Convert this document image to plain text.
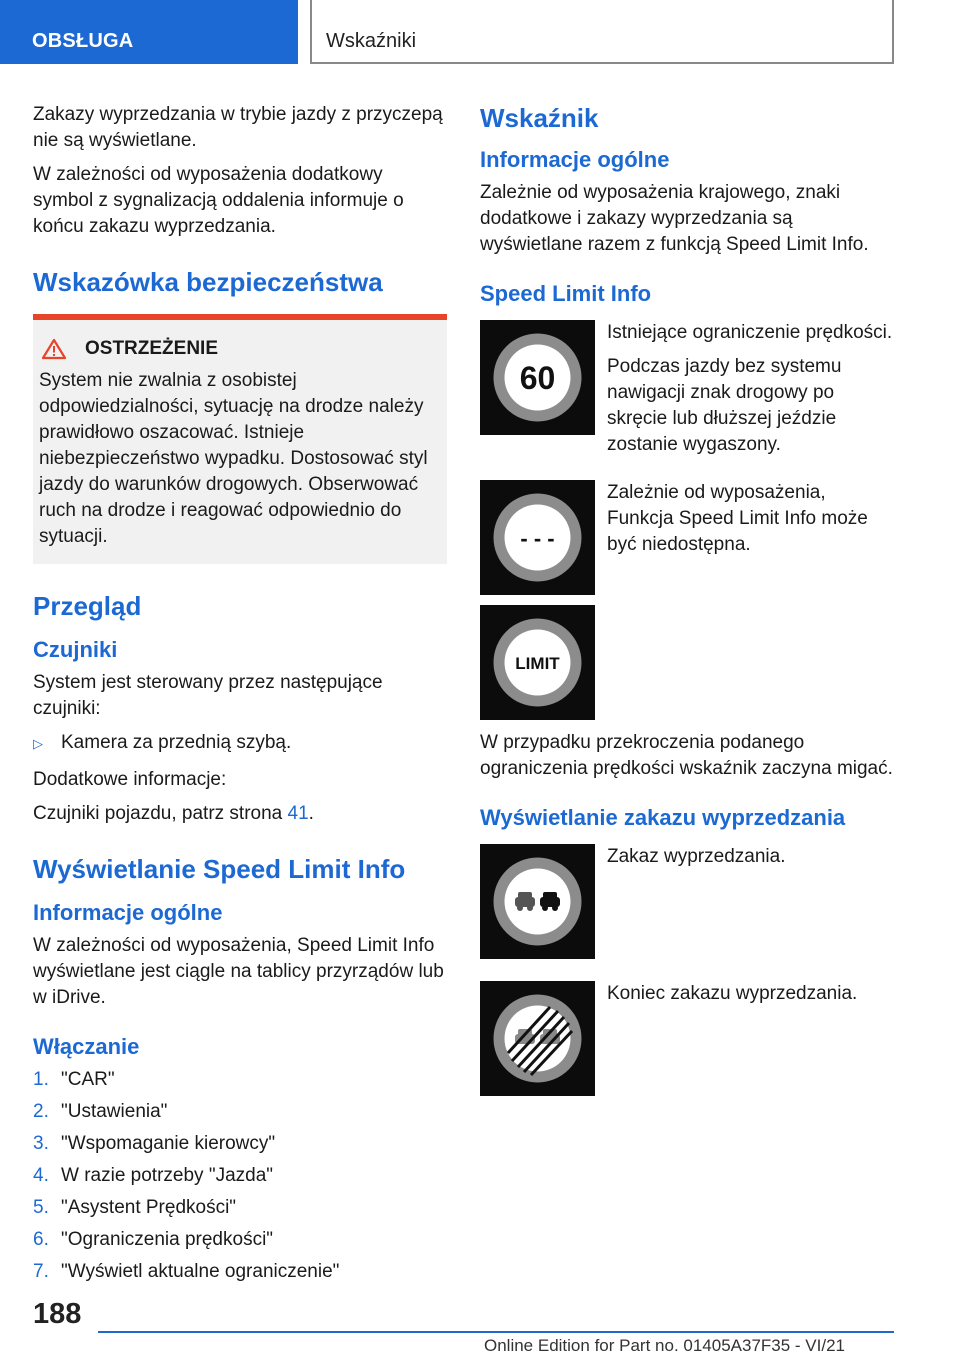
OBSŁUGA	Wskaźniki

Zakazy wyprzedzania w trybie jazdy z przyczepą nie są wyświetlane.

W zależności od wyposażenia dodatkowy symbol z sygnalizacją oddalenia informuje o końcu zakazu wyprzedzania.

Wskazówka bezpieczeństwa
OSTRZEŻENIE

System nie zwalnia z osobistej odpowiedzialności, sytuację na drodze należy prawidłowo oszacować. Istnieje niebezpieczeństwo wypadku. Dostosować styl jazdy do warunków drogowych. Obserwować ruch na drodze i reagować odpowiednio do sytuacji.

Przegląd
Czujniki

System jest sterowany przez następujące czujniki:

▷ Kamera za przednią szybą.

Dodatkowe informacje:

Czujniki pojazdu, patrz strona 41.

Wyświetlanie Speed Limit Info
Informacje ogólne

W zależności od wyposażenia, Speed Limit Info wyświetlane jest ciągle na tablicy przyrządów lub w iDrive.

Włączanie
1. "CAR"
2. "Ustawienia"
3. "Wspomaganie kierowcy"
4. W razie potrzeby "Jazda"
5. "Asystent Prędkości"
6. "Ograniczenia prędkości"
7. "Wyświetl aktualne ograniczenie"
Wskaźnik
Informacje ogólne

Zależnie od wyposażenia krajowego, znaki dodatkowe i zakazy wyprzedzania są wyświetlane razem z funkcją Speed Limit Info.

Speed Limit Info
60

Istniejące ograniczenie prędkości.

Podczas jazdy bez systemu nawigacji znak drogowy po skręcie lub dłuższej jeździe zostanie wygaszony.

- - -

Zależnie od wyposażenia, Funkcja Speed Limit Info może być niedostępna.

LIMIT

W przypadku przekroczenia podanego ograniczenia prędkości wskaźnik zaczyna migać.

Wyświetlanie zakazu wyprzedzania

Zakaz wyprzedzania.

Koniec zakazu wyprzedzania.

188
Online Edition for Part no. 01405A37F35 - VI/21
